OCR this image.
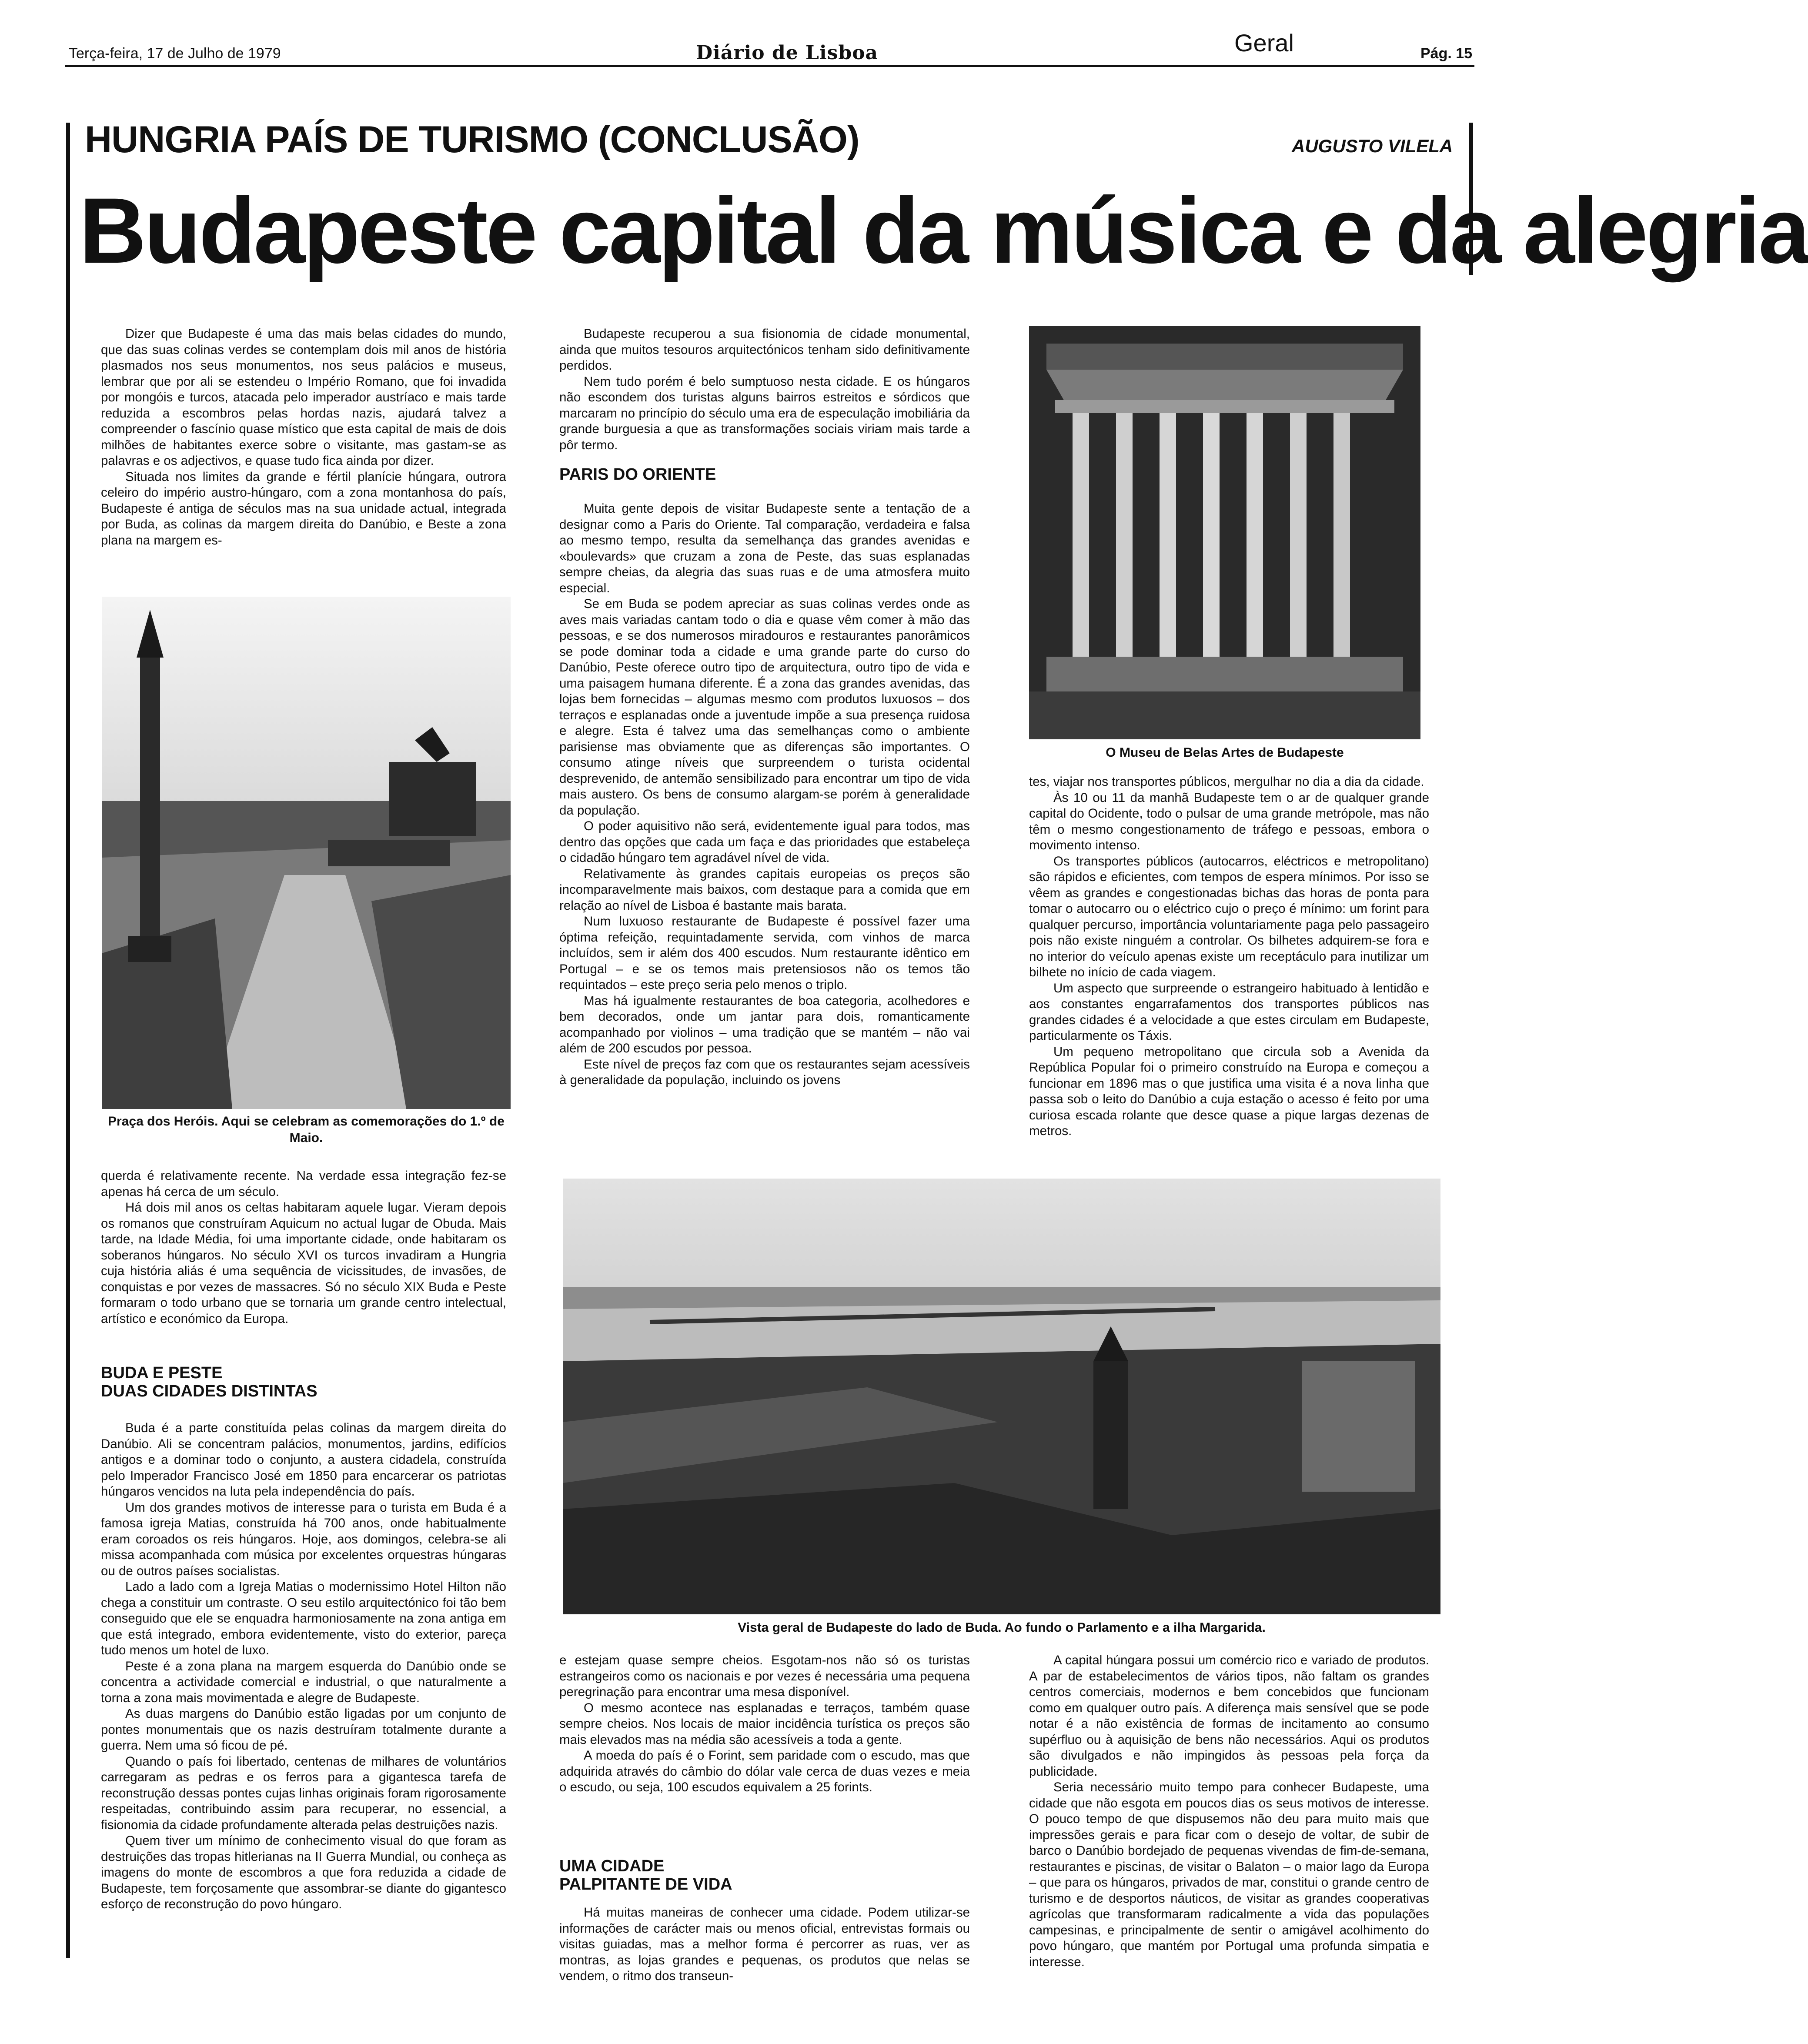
Terça-feira, 17 de Julho de 1979	Diário de Lisboa	Geral	Pág. 15
HUNGRIA PAÍS DE TURISMO (CONCLUSÃO)	AUGUSTO VILELA
Budapeste capital da música e da alegria

Dizer que Budapeste é uma das mais belas cidades do mundo, que das suas colinas verdes se contemplam dois mil anos de história plasmados nos seus monumentos, nos seus palácios e museus, lembrar que por ali se estendeu o Império Romano, que foi invadida por mongóis e turcos, atacada pelo imperador austríaco e mais tarde reduzida a escombros pelas hordas nazis, ajudará talvez a compreender o fascínio quase místico que esta capital de mais de dois milhões de habitantes exerce sobre o visitante, mas gastam-se as palavras e os adjectivos, e quase tudo fica ainda por dizer.

Situada nos limites da grande e fértil planície húngara, outrora celeiro do império austro-húngaro, com a zona montanhosa do país, Budapeste é antiga de séculos mas na sua unidade actual, integrada por Buda, as colinas da margem direita do Danúbio, e Beste a zona plana na margem es-

Praça dos Heróis. Aqui se celebram as comemorações do 1.º de Maio.

querda é relativamente recente. Na verdade essa integração fez-se apenas há cerca de um século.

Há dois mil anos os celtas habitaram aquele lugar. Vieram depois os romanos que construíram Aquicum no actual lugar de Obuda. Mais tarde, na Idade Média, foi uma importante cidade, onde habitaram os soberanos húngaros. No século XVI os turcos invadiram a Hungria cuja história aliás é uma sequência de vicissitudes, de invasões, de conquistas e por vezes de massacres. Só no século XIX Buda e Peste formaram o todo urbano que se tornaria um grande centro intelectual, artístico e económico da Europa.

BUDA E PESTE
DUAS CIDADES DISTINTAS

Buda é a parte constituída pelas colinas da margem direita do Danúbio. Ali se concentram palácios, monumentos, jardins, edifícios antigos e a dominar todo o conjunto, a austera cidadela, construída pelo Imperador Francisco José em 1850 para encarcerar os patriotas húngaros vencidos na luta pela independência do país.

Um dos grandes motivos de interesse para o turista em Buda é a famosa igreja Matias, construída há 700 anos, onde habitualmente eram coroados os reis húngaros. Hoje, aos domingos, celebra-se ali missa acompanhada com música por excelentes orquestras húngaras ou de outros países socialistas.

Lado a lado com a Igreja Matias o modernissimo Hotel Hilton não chega a constituir um contraste. O seu estilo arquitectónico foi tão bem conseguido que ele se enquadra harmoniosamente na zona antiga em que está integrado, embora evidentemente, visto do exterior, pareça tudo menos um hotel de luxo.

Peste é a zona plana na margem esquerda do Danúbio onde se concentra a actividade comercial e industrial, o que naturalmente a torna a zona mais movimentada e alegre de Budapeste.

As duas margens do Danúbio estão ligadas por um conjunto de pontes monumentais que os nazis destruíram totalmente durante a guerra. Nem uma só ficou de pé.

Quando o país foi libertado, centenas de milhares de voluntários carregaram as pedras e os ferros para a gigantesca tarefa de reconstrução dessas pontes cujas linhas originais foram rigorosamente respeitadas, contribuindo assim para recuperar, no essencial, a fisionomia da cidade profundamente alterada pelas destruições nazis.

Quem tiver um mínimo de conhecimento visual do que foram as destruições das tropas hitlerianas na II Guerra Mundial, ou conheça as imagens do monte de escombros a que fora reduzida a cidade de Budapeste, tem forçosamente que assombrar-se diante do gigantesco esforço de reconstrução do povo húngaro.

Budapeste recuperou a sua fisionomia de cidade monumental, ainda que muitos tesouros arquitectónicos tenham sido definitivamente perdidos.

Nem tudo porém é belo sumptuoso nesta cidade. E os húngaros não escondem dos turistas alguns bairros estreitos e sórdicos que marcaram no princípio do século uma era de especulação imobiliária da grande burguesia a que as transformações sociais viriam mais tarde a pôr termo.

PARIS DO ORIENTE

Muita gente depois de visitar Budapeste sente a tentação de a designar como a Paris do Oriente. Tal comparação, verdadeira e falsa ao mesmo tempo, resulta da semelhança das grandes avenidas e «boulevards» que cruzam a zona de Peste, das suas esplanadas sempre cheias, da alegria das suas ruas e de uma atmosfera muito especial.

Se em Buda se podem apreciar as suas colinas verdes onde as aves mais variadas cantam todo o dia e quase vêm comer à mão das pessoas, e se dos numerosos miradouros e restaurantes panorâmicos se pode dominar toda a cidade e uma grande parte do curso do Danúbio, Peste oferece outro tipo de arquitectura, outro tipo de vida e uma paisagem humana diferente. É a zona das grandes avenidas, das lojas bem fornecidas – algumas mesmo com produtos luxuosos – dos terraços e esplanadas onde a juventude impõe a sua presença ruidosa e alegre. Esta é talvez uma das semelhanças como o ambiente parisiense mas obviamente que as diferenças são importantes. O consumo atinge níveis que surpreendem o turista ocidental desprevenido, de antemão sensibilizado para encontrar um tipo de vida mais austero. Os bens de consumo alargam-se porém à generalidade da população.

O poder aquisitivo não será, evidentemente igual para todos, mas dentro das opções que cada um faça e das prioridades que estabeleça o cidadão húngaro tem agradável nível de vida.

Relativamente às grandes capitais europeias os preços são incomparavelmente mais baixos, com destaque para a comida que em relação ao nível de Lisboa é bastante mais barata.

Num luxuoso restaurante de Budapeste é possível fazer uma óptima refeição, requintadamente servida, com vinhos de marca incluídos, sem ir além dos 400 escudos. Num restaurante idêntico em Portugal – e se os temos mais pretensiosos não os temos tão requintados – este preço seria pelo menos o triplo.

Mas há igualmente restaurantes de boa categoria, acolhedores e bem decorados, onde um jantar para dois, romanticamente acompanhado por violinos – uma tradição que se mantém – não vai além de 200 escudos por pessoa.

Este nível de preços faz com que os restaurantes sejam acessíveis à generalidade da população, incluindo os jovens

O Museu de Belas Artes de Budapeste

tes, viajar nos transportes públicos, mergulhar no dia a dia da cidade.

Às 10 ou 11 da manhã Budapeste tem o ar de qualquer grande capital do Ocidente, todo o pulsar de uma grande metrópole, mas não têm o mesmo congestionamento de tráfego e pessoas, embora o movimento intenso.

Os transportes públicos (autocarros, eléctricos e metropolitano) são rápidos e eficientes, com tempos de espera mínimos. Por isso se vêem as grandes e congestionadas bichas das horas de ponta para tomar o autocarro ou o eléctrico cujo o preço é mínimo: um forint para qualquer percurso, importância voluntariamente paga pelo passageiro pois não existe ninguém a controlar. Os bilhetes adquirem-se fora e no interior do veículo apenas existe um receptáculo para inutilizar um bilhete no início de cada viagem.

Um aspecto que surpreende o estrangeiro habituado à lentidão e aos constantes engarrafamentos dos transportes públicos nas grandes cidades é a velocidade a que estes circulam em Budapeste, particularmente os Táxis.

Um pequeno metropolitano que circula sob a Avenida da República Popular foi o primeiro construído na Europa e começou a funcionar em 1896 mas o que justifica uma visita é a nova linha que passa sob o leito do Danúbio a cuja estação o acesso é feito por uma curiosa escada rolante que desce quase a pique largas dezenas de metros.

Vista geral de Budapeste do lado de Buda. Ao fundo o Parlamento e a ilha Margarida.

e estejam quase sempre cheios. Esgotam-nos não só os turistas estrangeiros como os nacionais e por vezes é necessária uma pequena peregrinação para encontrar uma mesa disponível.

O mesmo acontece nas esplanadas e terraços, também quase sempre cheios. Nos locais de maior incidência turística os preços são mais elevados mas na média são acessíveis a toda a gente.

A moeda do país é o Forint, sem paridade com o escudo, mas que adquirida através do câmbio do dólar vale cerca de duas vezes e meia o escudo, ou seja, 100 escudos equivalem a 25 forints.

UMA CIDADE
PALPITANTE DE VIDA

Há muitas maneiras de conhecer uma cidade. Podem utilizar-se informações de carácter mais ou menos oficial, entrevistas formais ou visitas guiadas, mas a melhor forma é percorrer as ruas, ver as montras, as lojas grandes e pequenas, os produtos que nelas se vendem, o ritmo dos transeun-

A capital húngara possui um comércio rico e variado de produtos. A par de estabelecimentos de vários tipos, não faltam os grandes centros comerciais, modernos e bem concebidos que funcionam como em qualquer outro país. A diferença mais sensível que se pode notar é a não existência de formas de incitamento ao consumo supérfluo ou à aquisição de bens não necessários. Aqui os produtos são divulgados e não impingidos às pessoas pela força da publicidade.

Seria necessário muito tempo para conhecer Budapeste, uma cidade que não esgota em poucos dias os seus motivos de interesse. O pouco tempo de que dispusemos não deu para muito mais que impressões gerais e para ficar com o desejo de voltar, de subir de barco o Danúbio bordejado de pequenas vivendas de fim-de-semana, restaurantes e piscinas, de visitar o Balaton – o maior lago da Europa – que para os húngaros, privados de mar, constitui o grande centro de turismo e de desportos náuticos, de visitar as grandes cooperativas agrícolas que transformaram radicalmente a vida das populações campesinas, e principalmente de sentir o amigável acolhimento do povo húngaro, que mantém por Portugal uma profunda simpatia e interesse.
